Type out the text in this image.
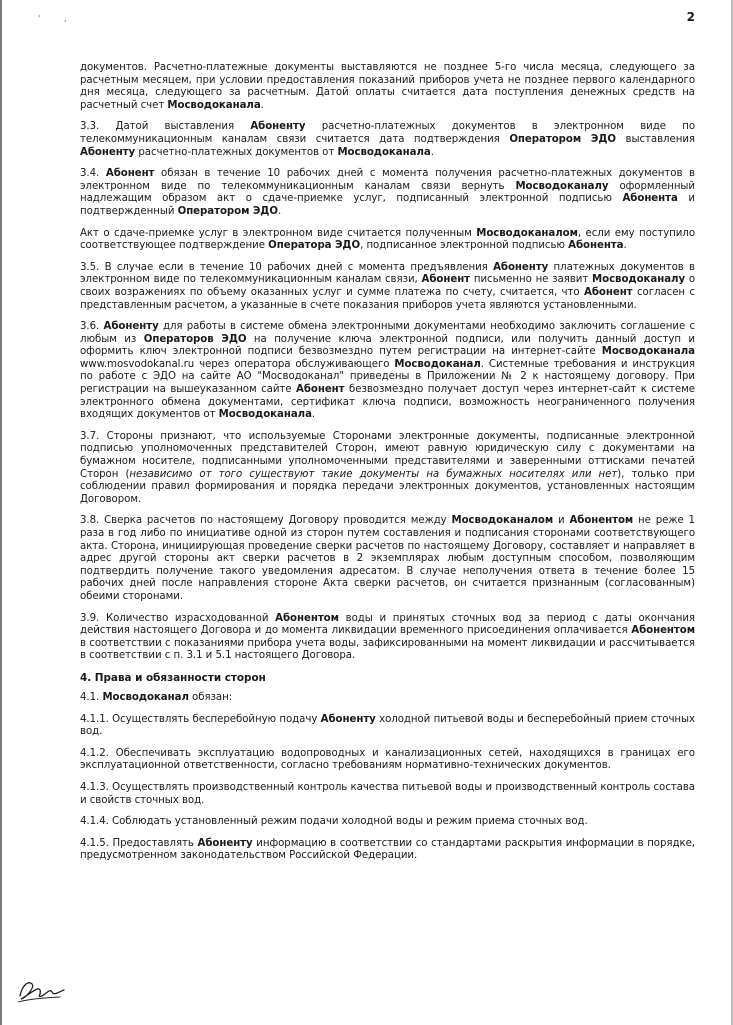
'	,	2

документов. Расчетно-платежные документы выставляются не позднее 5-го числа месяца, следующего за расчетным месяцем, при условии предоставления показаний приборов учета не позднее первого календарного дня месяца, следующего за расчетным. Датой оплаты считается дата поступления денежных средств на расчетный счет Мосводоканала.

3.3. Датой выставления Абоненту расчетно-платежных документов в электронном виде по телекоммуникационным каналам связи считается дата подтверждения Оператором ЭДО выставления Абоненту расчетно-платежных документов от Мосводоканала.

3.4. Абонент обязан в течение 10 рабочих дней с момента получения расчетно-платежных документов в электронном виде по телекоммуникационным каналам связи вернуть Мосводоканалу оформленный надлежащим образом акт о сдаче-приемке услуг, подписанный электронной подписью Абонента и подтвержденный Оператором ЭДО.

Акт о сдаче-приемке услуг в электронном виде считается полученным Мосводоканалом, если ему поступило соответствующее подтверждение Оператора ЭДО, подписанное электронной подписью Абонента.

3.5. В случае если в течение 10 рабочих дней с момента предъявления Абоненту платежных документов в электронном виде по телекоммуникационным каналам связи, Абонент письменно не заявит Мосводоканалу о своих возражениях по объему оказанных услуг и сумме платежа по счету, считается, что Абонент согласен с представленным расчетом, а указанные в счете показания приборов учета являются установленными.

3.6. Абоненту для работы в системе обмена электронными документами необходимо заключить соглашение с любым из Операторов ЭДО на получение ключа электронной подписи, или получить данный доступ и оформить ключ электронной подписи безвозмездно путем регистрации на интернет-сайте Мосводоканала www.mosvodokanal.ru через оператора обслуживающего Мосводоканал. Системные требования и инструкция по работе с ЭДО на сайте АО "Мосводоканал" приведены в Приложении № 2 к настоящему договору. При регистрации на вышеуказанном сайте Абонент безвозмездно получает доступ через интернет-сайт к системе электронного обмена документами, сертификат ключа подписи, возможность неограниченного получения входящих документов от Мосводоканала.

3.7. Стороны признают, что используемые Сторонами электронные документы, подписанные электронной подписью уполномоченных представителей Сторон, имеют равную юридическую силу с документами на бумажном носителе, подписанными уполномоченными представителями и заверенными оттисками печатей Сторон (независимо от того существуют такие документы на бумажных носителях или нет), только при соблюдении правил формирования и порядка передачи электронных документов, установленных настоящим Договором.

3.8. Сверка расчетов по настоящему Договору проводится между Мосводоканалом и Абонентом не реже 1 раза в год либо по инициативе одной из сторон путем составления и подписания сторонами соответствующего акта. Сторона, инициирующая проведение сверки расчетов по настоящему Договору, составляет и направляет в адрес другой стороны акт сверки расчетов в 2 экземплярах любым доступным способом, позволяющим подтвердить получение такого уведомления адресатом. В случае неполучения ответа в течение более 15 рабочих дней после направления стороне Акта сверки расчетов, он считается признанным (согласованным) обеими сторонами.

3.9. Количество израсходованной Абонентом воды и принятых сточных вод за период с даты окончания действия настоящего Договора и до момента ликвидации временного присоединения оплачивается Абонентом в соответствии с показаниями прибора учета воды, зафиксированными на момент ликвидации и рассчитывается в соответствии с п. 3.1 и 5.1 настоящего Договора.

4. Права и обязанности сторон

4.1. Мосводоканал обязан:

4.1.1. Осуществлять бесперебойную подачу Абоненту холодной питьевой воды и бесперебойный прием сточных вод.

4.1.2. Обеспечивать эксплуатацию водопроводных и канализационных сетей, находящихся в границах его эксплуатационной ответственности, согласно требованиям нормативно-технических документов.

4.1.3. Осуществлять производственный контроль качества питьевой воды и производственный контроль состава и свойств сточных вод.

4.1.4. Соблюдать установленный режим подачи холодной воды и режим приема сточных вод.

4.1.5. Предоставлять Абоненту информацию в соответствии со стандартами раскрытия информации в порядке, предусмотренном законодательством Российской Федерации.
